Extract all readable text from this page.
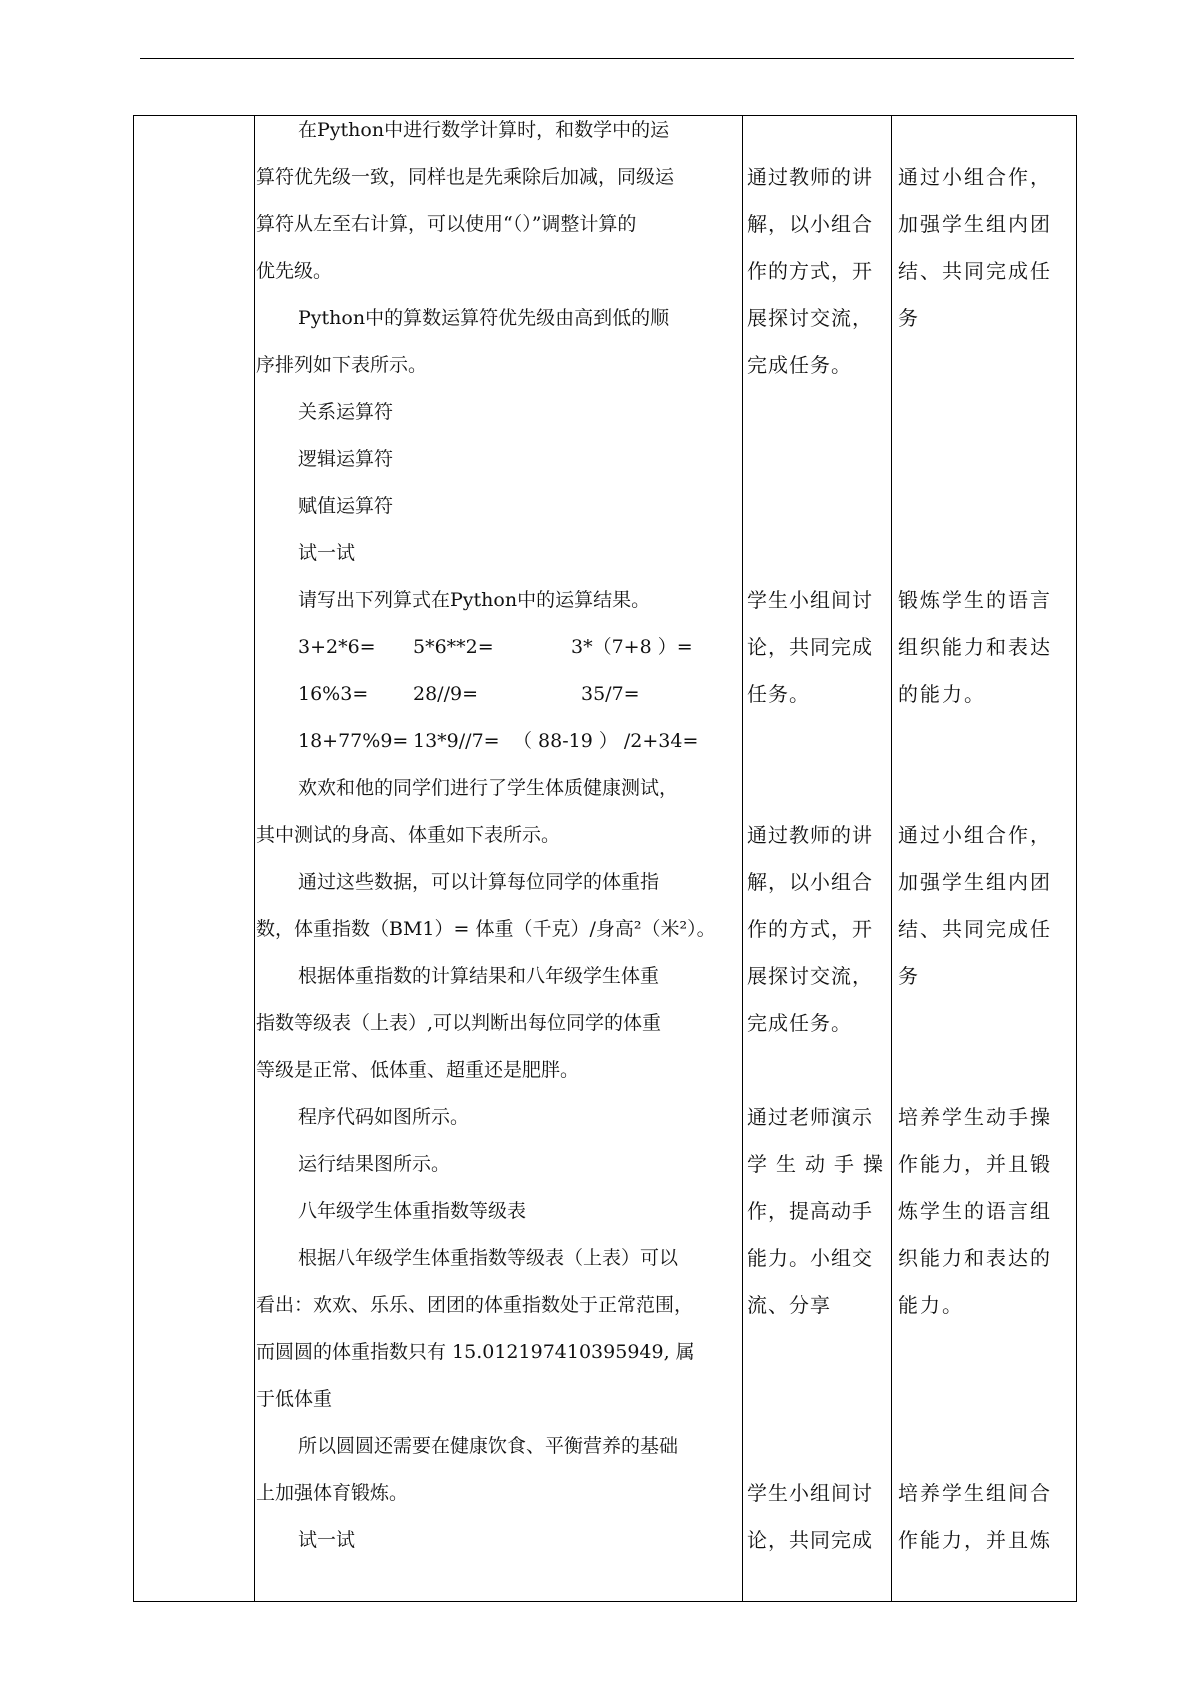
在Python中进行数学计算时，和数学中的运
算符优先级一致，同样也是先乘除后加减，同级运
算符从左至右计算，可以使用“（）”调整计算的
优先级。
Python中的算数运算符优先级由高到低的顺
序排列如下表所示。
关系运算符
逻辑运算符
赋值运算符
试一试
请写出下列算式在Python中的运算结果。
3+2*6= 5*6**2=	3*（7+8 ）=
16%3= 28//9=	35/7=
18+77%9= 13*9//7= （ 88-19 ） /2+34=
欢欢和他的同学们进行了学生体质健康测试，
其中测试的身高、体重如下表所示。
通过这些数据，可以计算每位同学的体重指
数，体重指数（BM1）= 体重（千克）/身高²（米²）。
根据体重指数的计算结果和八年级学生体重
指数等级表（上表）,可以判断出每位同学的体重
等级是正常、低体重、超重还是肥胖。
程序代码如图所示。
运行结果图所示。
八年级学生体重指数等级表
根据八年级学生体重指数等级表（上表）可以
看出：欢欢、乐乐、团团的体重指数处于正常范围，
而圆圆的体重指数只有 15.012197410395949, 属
于低体重
所以圆圆还需要在健康饮食、平衡营养的基础
上加强体育锻炼。
试一试
通过教师的讲
解，以小组合
作的方式，开
展探讨交流，
完成任务。
学生小组间讨
论，共同完成
任务。
通过教师的讲
解，以小组合
作的方式，开
展探讨交流，
完成任务。
通过老师演示
学生动手操
作，提高动手
能力。小组交
流、分享
学生小组间讨
论，共同完成
通过小组合作，
加强学生组内团
结、共同完成任
务
锻炼学生的语言
组织能力和表达
的能力。
通过小组合作，
加强学生组内团
结、共同完成任
务
培养学生动手操
作能力，并且锻
炼学生的语言组
织能力和表达的
能力。
培养学生组间合
作能力，并且炼
